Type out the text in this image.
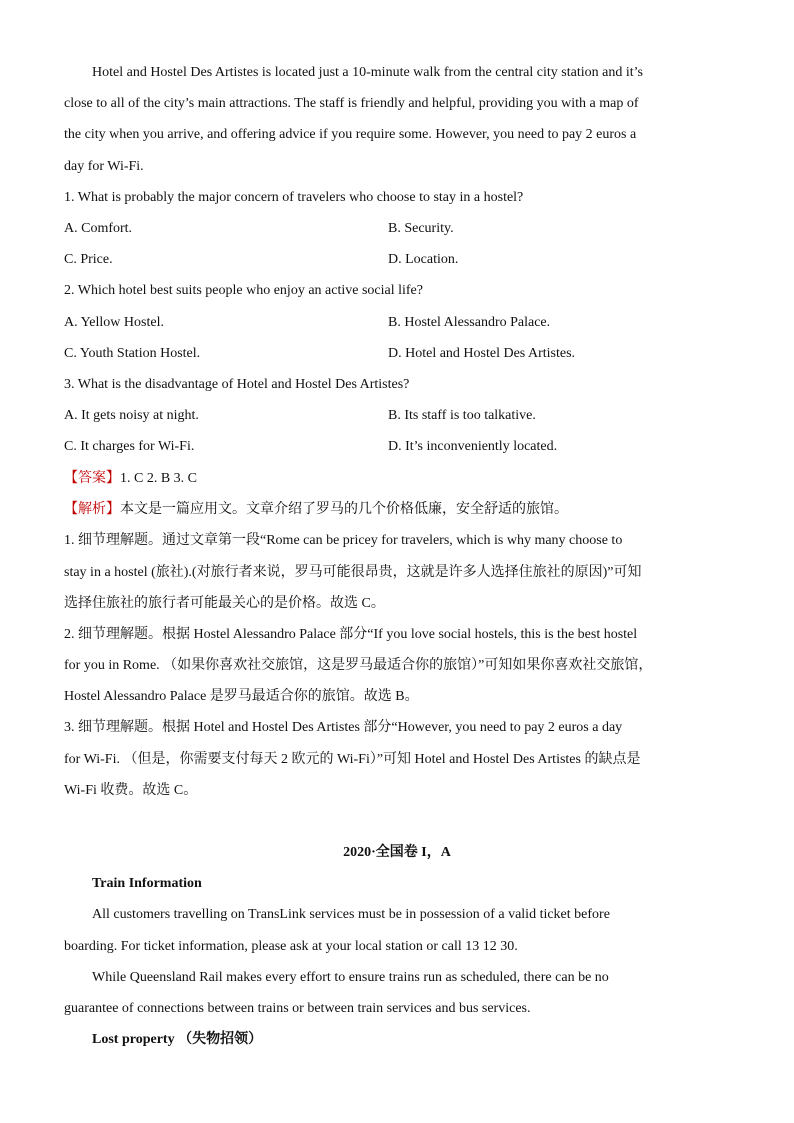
Hotel and Hostel Des Artistes is located just a 10-minute walk from the central city station and it’s

close to all of the city’s main attractions. The staff is friendly and helpful, providing you with a map of

the city when you arrive, and offering advice if you require some. However, you need to pay 2 euros a

day for Wi-Fi.

1. What is probably the major concern of travelers who choose to stay in a hostel?

A. Comfort.	B. Security.

C. Price.	D. Location.

2. Which hotel best suits people who enjoy an active social life?

A. Yellow Hostel.	B. Hostel Alessandro Palace.

C. Youth Station Hostel.	D. Hotel and Hostel Des Artistes.

3. What is the disadvantage of Hotel and Hostel Des Artistes?

A. It gets noisy at night.	B. Its staff is too talkative.

C. It charges for Wi-Fi.	D. It’s inconveniently located.

【答案】1. C 2. B 3. C

【解析】本文是一篇应用文。文章介绍了罗马的几个价格低廉，安全舒适的旅馆。

1. 细节理解题。通过文章第一段“Rome can be pricey for travelers, which is why many choose to

stay in a hostel (旅社).(对旅行者来说，罗马可能很昂贵，这就是许多人选择住旅社的原因)”可知

选择住旅社的旅行者可能最关心的是价格。故选 C。

2. 细节理解题。根据 Hostel Alessandro Palace 部分“If you love social hostels, this is the best hostel

for you in Rome. （如果你喜欢社交旅馆，这是罗马最适合你的旅馆）”可知如果你喜欢社交旅馆，

Hostel Alessandro Palace 是罗马最适合你的旅馆。故选 B。

3. 细节理解题。根据 Hotel and Hostel Des Artistes 部分“However, you need to pay 2 euros a day

for Wi-Fi. （但是，你需要支付每天 2 欧元的 Wi-Fi）”可知 Hotel and Hostel Des Artistes 的缺点是

Wi-Fi 收费。故选 C。

2020·全国卷 I，A

Train Information

All customers travelling on TransLink services must be in possession of a valid ticket before

boarding. For ticket information, please ask at your local station or call 13 12 30.

While Queensland Rail makes every effort to ensure trains run as scheduled, there can be no

guarantee of connections between trains or between train services and bus services.

Lost property （失物招领）
